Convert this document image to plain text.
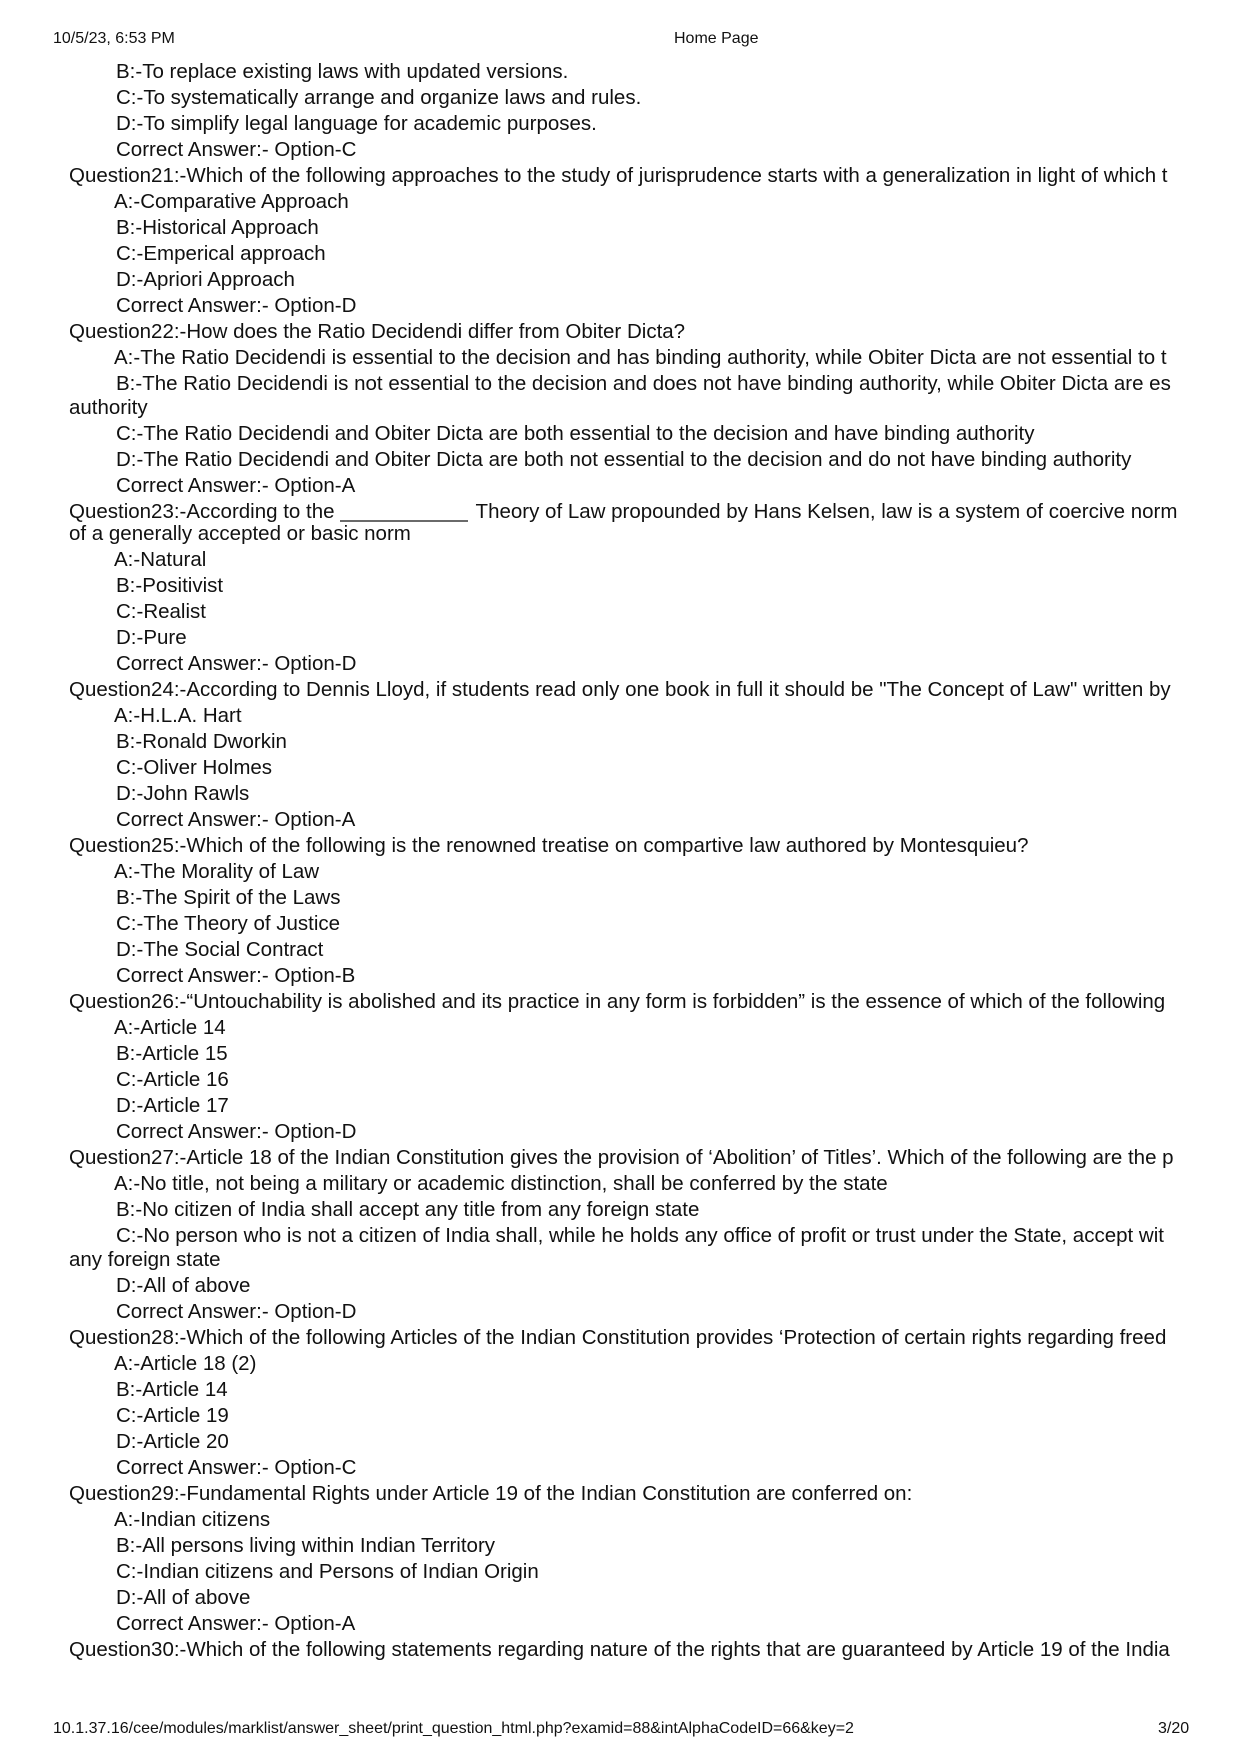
10/5/23, 6:53 PM	Home Page
B:-To replace existing laws with updated versions.
C:-To systematically arrange and organize laws and rules.
D:-To simplify legal language for academic purposes.
Correct Answer:- Option-C
Question21:-Which of the following approaches to the study of jurisprudence starts with a generalization in light of which t
A:-Comparative Approach
B:-Historical Approach
C:-Emperical approach
D:-Apriori Approach
Correct Answer:- Option-D
Question22:-How does the Ratio Decidendi differ from Obiter Dicta?
A:-The Ratio Decidendi is essential to the decision and has binding authority, while Obiter Dicta are not essential to t
B:-The Ratio Decidendi is not essential to the decision and does not have binding authority, while Obiter Dicta are es
authority
C:-The Ratio Decidendi and Obiter Dicta are both essential to the decision and have binding authority
D:-The Ratio Decidendi and Obiter Dicta are both not essential to the decision and do not have binding authority
Correct Answer:- Option-A
Question23:-According to the	Theory of Law propounded by Hans Kelsen, law is a system of coercive norm
of a generally accepted or basic norm
A:-Natural
B:-Positivist
C:-Realist
D:-Pure
Correct Answer:- Option-D
Question24:-According to Dennis Lloyd, if students read only one book in full it should be "The Concept of Law" written by
A:-H.L.A. Hart
B:-Ronald Dworkin
C:-Oliver Holmes
D:-John Rawls
Correct Answer:- Option-A
Question25:-Which of the following is the renowned treatise on compartive law authored by Montesquieu?
A:-The Morality of Law
B:-The Spirit of the Laws
C:-The Theory of Justice
D:-The Social Contract
Correct Answer:- Option-B
Question26:-“Untouchability is abolished and its practice in any form is forbidden” is the essence of which of the following
A:-Article 14
B:-Article 15
C:-Article 16
D:-Article 17
Correct Answer:- Option-D
Question27:-Article 18 of the Indian Constitution gives the provision of ‘Abolition’ of Titles’. Which of the following are the p
A:-No title, not being a military or academic distinction, shall be conferred by the state
B:-No citizen of India shall accept any title from any foreign state
C:-No person who is not a citizen of India shall, while he holds any office of profit or trust under the State, accept wit
any foreign state
D:-All of above
Correct Answer:- Option-D
Question28:-Which of the following Articles of the Indian Constitution provides ‘Protection of certain rights regarding freed
A:-Article 18 (2)
B:-Article 14
C:-Article 19
D:-Article 20
Correct Answer:- Option-C
Question29:-Fundamental Rights under Article 19 of the Indian Constitution are conferred on:
A:-Indian citizens
B:-All persons living within Indian Territory
C:-Indian citizens and Persons of Indian Origin
D:-All of above
Correct Answer:- Option-A
Question30:-Which of the following statements regarding nature of the rights that are guaranteed by Article 19 of the India
10.1.37.16/cee/modules/marklist/answer_sheet/print_question_html.php?examid=88&intAlphaCodeID=66&key=2	3/20
